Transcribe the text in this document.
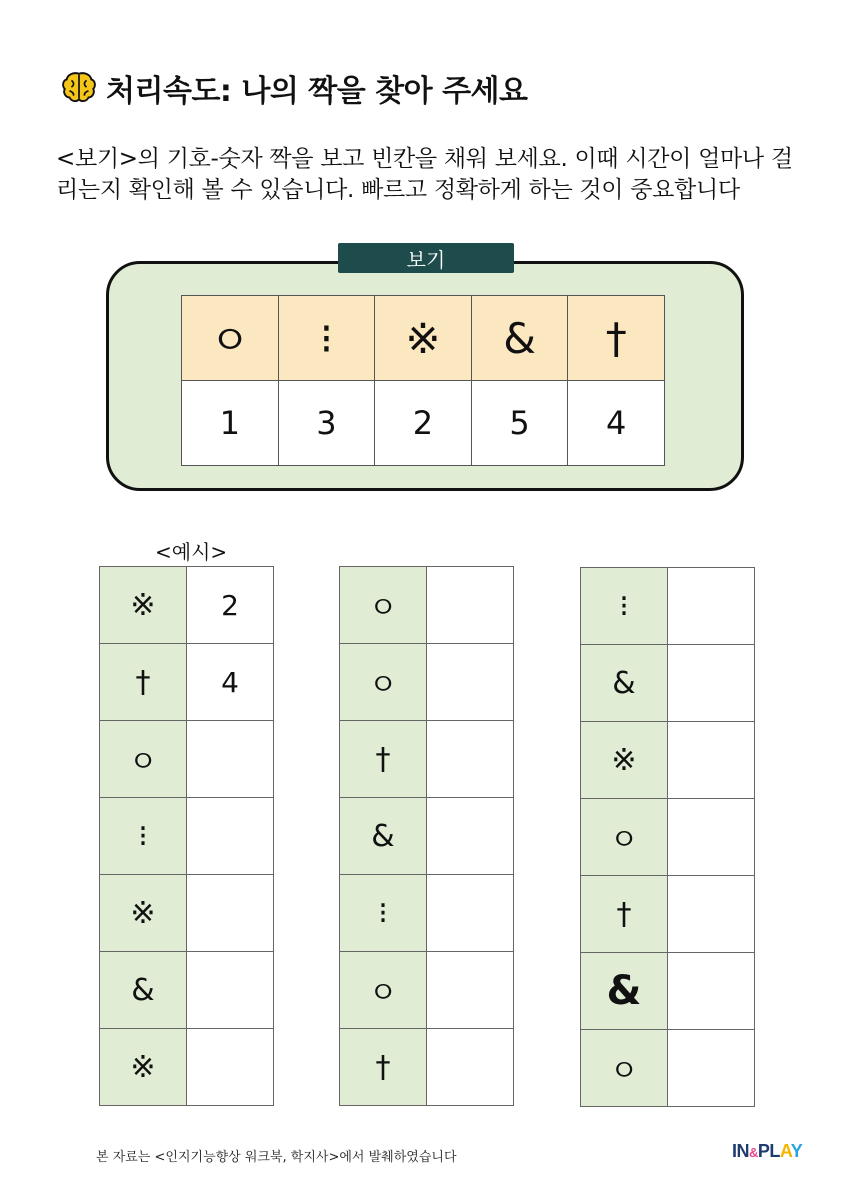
처리속도: 나의 짝을 찾아 주세요
<보기>의 기호-숫자 짝을 보고 빈칸을 채워 보세요. 이때 시간이 얼마나 걸리는지 확인해 볼 수 있습니다. 빠르고 정확하게 하는 것이 중요합니다
보기
ㅇ	⁝	※	&	†
1	3	2	5	4
<예시>
※	2
†	4
ㅇ	
⁝	
※	
&	
※	
ㅇ	
ㅇ	
†	
&	
⁝	
ㅇ	
†	
⁝	
&	
※	
ㅇ	
†	
&	
ㅇ	
본 자료는 <인지기능향상 워크북, 학지사>에서 발췌하였습니다	IN&PLAY
